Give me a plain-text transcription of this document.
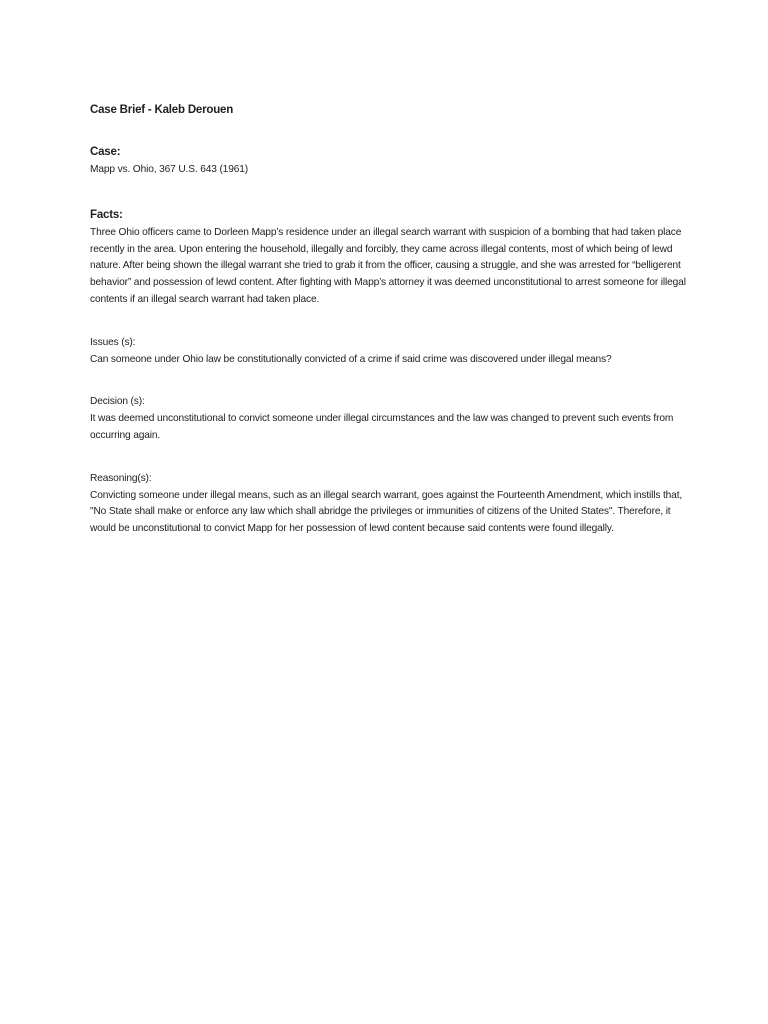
Case Brief - Kaleb Derouen
Case:

Mapp vs. Ohio, 367 U.S. 643 (1961)

Facts:

Three Ohio officers came to Dorleen Mapp’s residence under an illegal search warrant with suspicion of a bombing that had taken place recently in the area. Upon entering the household, illegally and forcibly, they came across illegal contents, most of which being of lewd nature. After being shown the illegal warrant she tried to grab it from the officer, causing a struggle, and she was arrested for “belligerent behavior” and possession of lewd content. After fighting with Mapp’s attorney it was deemed unconstitutional to arrest someone for illegal contents if an illegal search warrant had taken place.

Issues (s):

Can someone under Ohio law be constitutionally convicted of a crime if said crime was discovered under illegal means?

Decision (s):

It was deemed unconstitutional to convict someone under illegal circumstances and the law was changed to prevent such events from occurring again.

Reasoning(s):

Convicting someone under illegal means, such as an illegal search warrant, goes against the Fourteenth Amendment, which instills that, "No State shall make or enforce any law which shall abridge the privileges or immunities of citizens of the United States". Therefore, it would be unconstitutional to convict Mapp for her possession of lewd content because said contents were found illegally.
